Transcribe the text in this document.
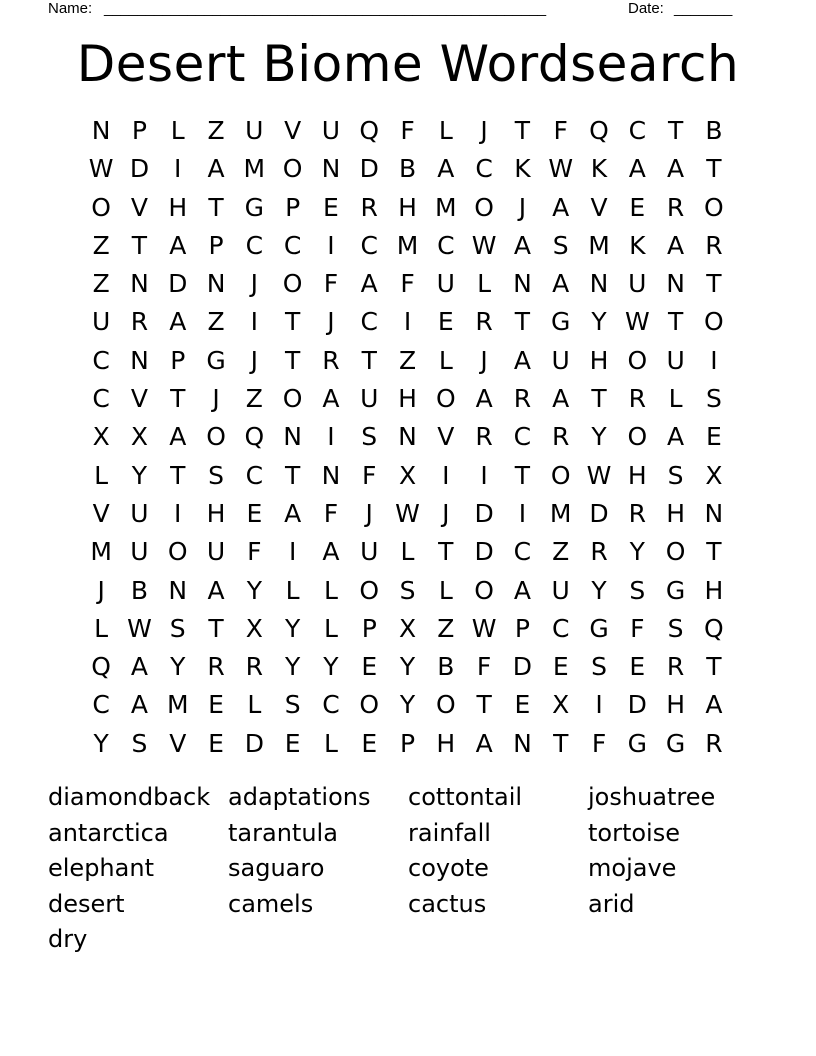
Name: _____________________________________________________	Date: _______
Desert Biome Wordsearch
N P L Z U V U Q F L	J	T F Q C T B
W D I	A M O N D B A C K W K A A T
O V H T G P E R H M O J	A V E R O
Z T A P C C	I	C M C W A S M K A R
Z N D N	J O F A F U L N A N U N T
U R A Z	I	T	J	C	I	E R T G Y W T O
C N P G J	T R T Z L	J	A U H O U	I
C V T	J	Z O A U H O A R A T R L S
X X A O Q N	I	S N V R C R Y O A E
L Y T S C T N F X	I	I	T O W H S X
V U	I	H E A F	J W J D I M D R H N
M U O U F	I	A U L T D C Z R Y O T
J	B N A Y L L O S L O A U Y S G H
L W S T X Y L P X Z W P C G F S Q
Q A Y R R Y Y E Y B F D E S E R T
C A M E L S C O Y O T E X	I D H A
Y S V E D E L E P H A N T F G G R
diamondback adaptations	cottontail	joshuatree
antarctica	tarantula	rainfall	tortoise
elephant	saguaro	coyote	mojave
desert	camels	cactus	arid
dry
